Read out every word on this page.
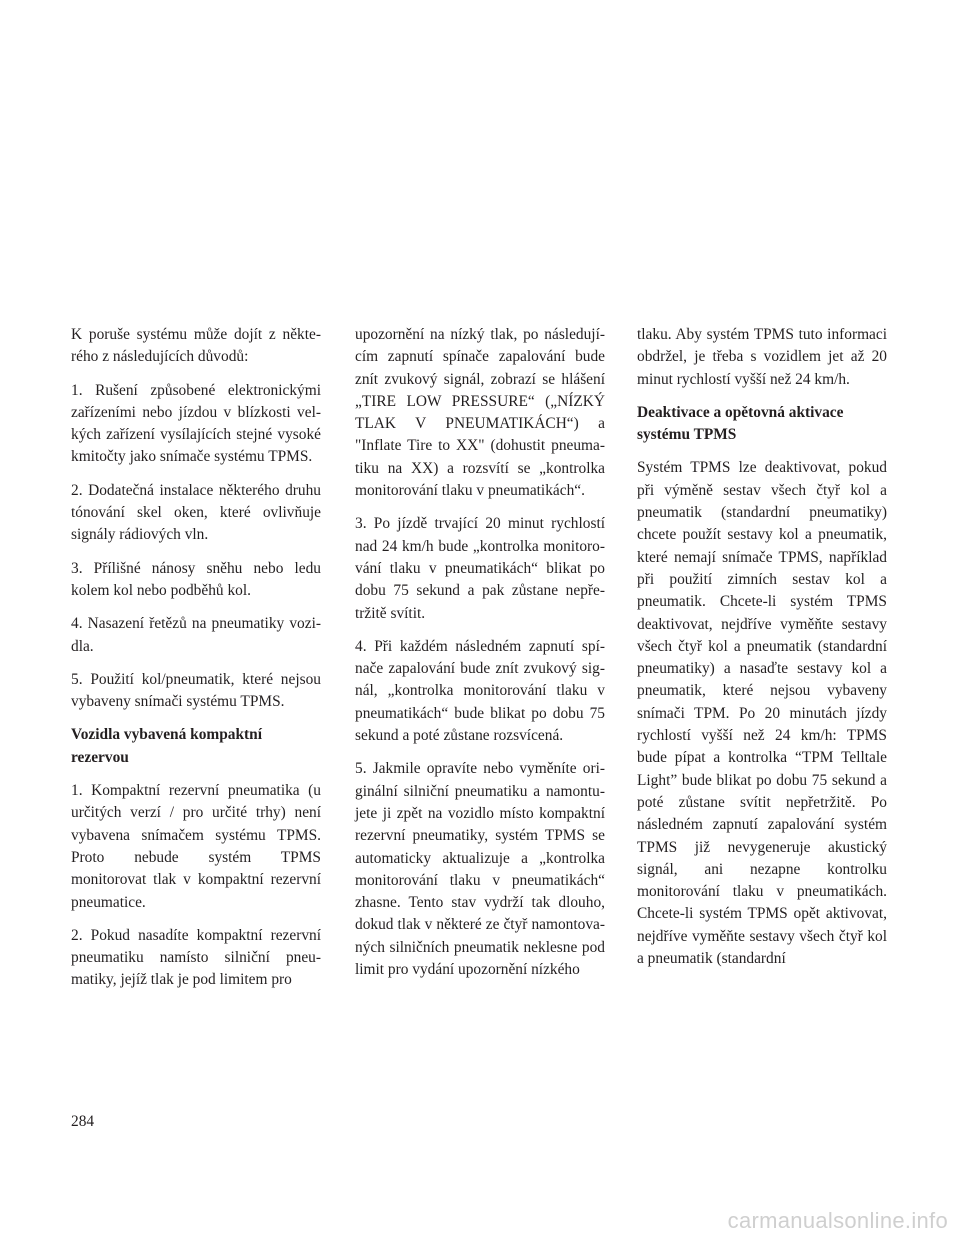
K poruše systému může dojít z některého z následujících důvodů:

1. Rušení způsobené elektronickými zařízeními nebo jízdou v blízkosti velkých zařízení vysílajících stejné vysoké kmitočty jako snímače systému TPMS.

2. Dodatečná instalace některého druhu tónování skel oken, které ovlivňuje signály rádiových vln.

3. Přílišné nánosy sněhu nebo ledu kolem kol nebo podběhů kol.

4. Nasazení řetězů na pneumatiky vozidla.

5. Použití kol/pneumatik, které nejsou vybaveny snímači systému TPMS.

Vozidla vybavená kompaktní rezervou

1. Kompaktní rezervní pneumatika (u určitých verzí / pro určité trhy) není vybavena snímačem systému TPMS. Proto nebude systém TPMS monitorovat tlak v kompaktní rezervní pneumatice.

2. Pokud nasadíte kompaktní rezervní pneumatiku namísto silniční pneumatiky, jejíž tlak je pod limitem pro

upozornění na nízký tlak, po následujícím zapnutí spínače zapalování bude znít zvukový signál, zobrazí se hlášení „TIRE LOW PRESSURE“ („NÍZKÝ TLAK V PNEUMATIKÁCH“) a "Inflate Tire to XX" (dohustit pneumatiku na XX) a rozsvítí se „kontrolka monitorování tlaku v pneumatikách“.

3. Po jízdě trvající 20 minut rychlostí nad 24 km/h bude „kontrolka monitorování tlaku v pneumatikách“ blikat po dobu 75 sekund a pak zůstane nepřetržitě svítit.

4. Při každém následném zapnutí spínače zapalování bude znít zvukový signál, „kontrolka monitorování tlaku v pneumatikách“ bude blikat po dobu 75 sekund a poté zůstane rozsvícená.

5. Jakmile opravíte nebo vyměníte originální silniční pneumatiku a namontujete ji zpět na vozidlo místo kompaktní rezervní pneumatiky, systém TPMS se automaticky aktualizuje a „kontrolka monitorování tlaku v pneumatikách“ zhasne. Tento stav vydrží tak dlouho, dokud tlak v některé ze čtyř namontovaných silničních pneumatik neklesne pod limit pro vydání upozornění nízkého

tlaku. Aby systém TPMS tuto informaci obdržel, je třeba s vozidlem jet až 20 minut rychlostí vyšší než 24 km/h.

Deaktivace a opětovná aktivace systému TPMS

Systém TPMS lze deaktivovat, pokud při výměně sestav všech čtyř kol a pneumatik (standardní pneumatiky) chcete použít sestavy kol a pneumatik, které nemají snímače TPMS, například při použití zimních sestav kol a pneumatik. Chcete-li systém TPMS deaktivovat, nejdříve vyměňte sestavy všech čtyř kol a pneumatik (standardní pneumatiky) a nasaďte sestavy kol a pneumatik, které nejsou vybaveny snímači TPM. Po 20 minutách jízdy rychlostí vyšší než 24 km/h: TPMS bude pípat a kontrolka “TPM Telltale Light” bude blikat po dobu 75 sekund a poté zůstane svítit nepřetržitě. Po následném zapnutí zapalování systém TPMS již nevygeneruje akustický signál, ani nezapne kontrolku monitorování tlaku v pneumatikách. Chcete-li systém TPMS opět aktivovat, nejdříve vyměňte sestavy všech čtyř kol a pneumatik (standardní

284
carmanualsonline.info
